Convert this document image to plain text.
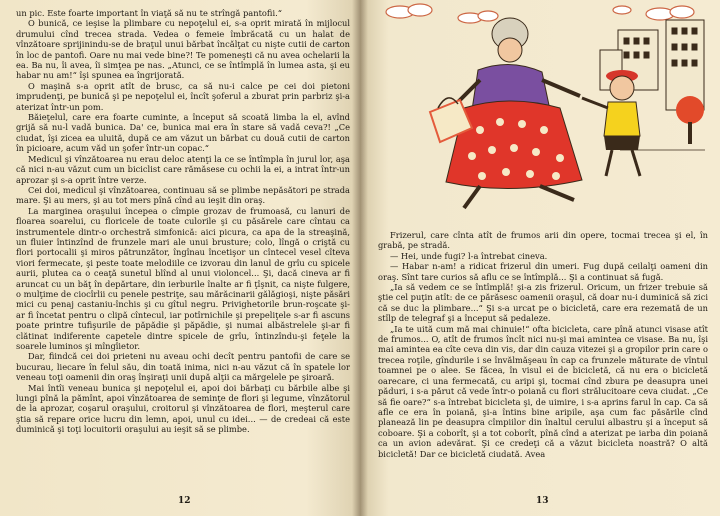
un pic. Este foarte important în viaţă să nu te strîngă pantofii.“

O bunică, ce ieşise la plimbare cu nepoţelul ei, s-a oprit mirată în mijlocul drumului cînd trecea strada. Vedea o femeie îmbrăcată cu un halat de vînzătoare sprijinindu-se de braţul unui bărbat încălţat cu nişte cutii de carton în loc de pantofi. Oare nu mai vede bine?! Te pomeneşti că nu avea ochelarii la ea. Ba nu, îi avea, îi simţea pe nas. „Atunci, ce se întîmplă în lumea asta, şi eu habar nu am!“ îşi spunea ea îngrijorată.

O maşină s-a oprit atît de brusc, ca să nu-i calce pe cei doi pietoni imprudenţi, pe bunică şi pe nepoţelul ei, încît şoferul a zburat prin parbriz şi-a aterizat într-un pom.

Băieţelul, care era foarte cuminte, a început să scoată limba la el, avînd grijă să nu-l vadă bunica. Da' ce, bunica mai era în stare să vadă ceva?! „Ce ciudat, îşi zicea ea uluită, după ce am văzut un bărbat cu două cutii de carton în picioare, acum văd un şofer într-un copac.“

Medicul şi vînzătoarea nu erau deloc atenţi la ce se întîmpla în jurul lor, aşa că nici n-au văzut cum un biciclist care rămăsese cu ochii la ei, a intrat într-un aprozar şi s-a oprit între verze.

Cei doi, medicul şi vînzătoarea, continuau să se plimbe nepăsători pe strada mare. Şi au mers, şi au tot mers pînă cînd au ieşit din oraş.

La marginea oraşului începea o cîmpie grozav de frumoasă, cu lanuri de floarea soarelui, cu floricele de toate culorile şi cu păsărele care cîntau ca instrumentele dintr-o orchestră simfonică: aici picura, ca apa de la streaşină, un fluier întinzînd de frunzele mari ale unui brusture; colo, lîngă o criştă cu flori portocalii şi miros pătrunzător, îngînau încetişor un cîntecel vesel cîteva viori fermecate, şi peste toate melodiile ce izvorau din lanul de grîu cu spicele aurii, plutea ca o ceaţă sunetul blînd al unui violoncel... Şi, dacă cineva ar fi aruncat cu un băţ în depărtare, din ierburile înalte ar fi ţîşnit, ca nişte fulgere, o mulţime de ciocîrlii cu penele pestriţe, sau mărăcinarii gălăgioşi, nişte păsări mici cu penaj castaniu-închis şi cu gîtul negru. Privighetorile brun-roşcate şi-ar fi încetat pentru o clipă cîntecul, iar potîrnichile şi prepeliţele s-ar fi ascuns poate printre tufişurile de păpădie şi păpădie, şi numai albăstrelele şi-ar fi clătinat indiferente capetele dintre spicele de grîu, întinzîndu-şi feţele la soarele luminos şi mîngîietor.

Dar, fiindcă cei doi prieteni nu aveau ochi decît pentru pantofii de care se bucurau, liecare în felul său, din toată inima, nici n-au văzut că în spatele lor veneau toţi oamenii din oraş înşiraţi unii după alţii ca mărgelele pe şiroară.

Mai întîi veneau bunica şi nepoţelul ei, apoi doi bărbaţi cu bărbile albe şi lungi pînă la pămînt, apoi vînzătoarea de seminţe de flori şi legume, vînzătorul de la aprozar, coşarul oraşului, croitorul şi vînzătoarea de flori, meşterul care ştia să repare orice lucru din lemn, apoi, unul cu idei... — de credeai că este duminică şi toţi locuitorii oraşului au ieşit să se plimbe.

12

Frizerul, care cînta atît de frumos arii din opere, tocmai trecea şi el, în grabă, pe stradă.

— Hei, unde fugi? l-a întrebat cineva.

— Habar n-am! a ridicat frizerul din umeri. Fug după ceilalţi oameni din oraş. Sînt tare curios să aflu ce se întîmplă... Şi a continuat să fugă.

„Ia să vedem ce se întîmplă! şi-a zis frizerul. Oricum, un frizer trebuie să ştie cel puţin atît: de ce părăsesc oamenii oraşul, că doar nu-i duminică să zici că se duc la plimbare...“ Şi s-a urcat pe o bicicletă, care era rezemată de un stîlp de telegraf şi a început să pedaleze.

„Ia te uită cum mă mai chinuie!“ ofta bicicleta, care pînă atunci visase atît de frumos... O, atît de frumos încît nici nu-şi mai amintea ce visase. Ba nu, îşi mai amintea ea cîte ceva din vis, dar din cauza vitezei şi a gropilor prin care o trecea roţile, gîndurile i se învălmăşeau în cap ca frunzele măturate de vîntul toamnei pe o alee. Se făcea, în visul ei de bicicletă, că nu era o bicicletă oarecare, ci una fermecată, cu aripi şi, tocmai cînd zbura pe deasupra unei păduri, i s-a părut că vede într-o poiană cu flori strălucitoare ceva ciudat. „Ce să fie oare?“ s-a întrebat bicicleta şi, de uimire, i s-a aprins farul în cap. Ca să afle ce era în poiană, şi-a întins bine aripile, aşa cum fac păsările cînd planează lin pe deasupra cîmpiilor din înaltul cerului albastru şi a început să coboare. Şi a coborît, şi a tot coborît, pînă cînd a aterizat pe iarba din poiană ca un avion adevărat. Şi ce credeţi că a văzut bicicleta noastră? O altă bicicletă! Dar ce bicicletă ciudată. Avea

13
